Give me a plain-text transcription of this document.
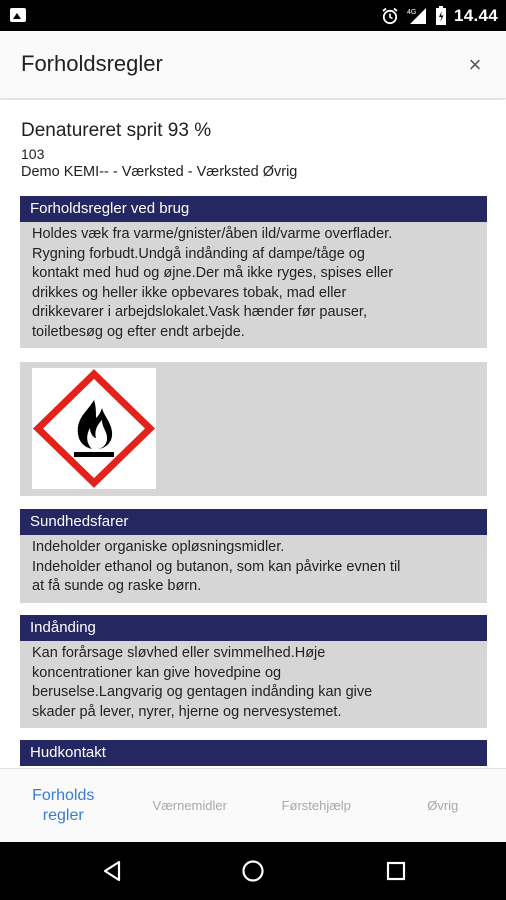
4G 14.44
Forholdsregler	×
Denatureret sprit 93 %
103
Demo KEMI-- - Værksted - Værksted Øvrig
Forholdsregler ved brug
Holdes væk fra varme/gnister/åben ild/varme overflader.
Rygning forbudt.Undgå indånding af dampe/tåge og
kontakt med hud og øjne.Der må ikke ryges, spises eller
drikkes og heller ikke opbevares tobak, mad eller
drikkevarer i arbejdslokalet.Vask hænder før pauser,
toiletbesøg og efter endt arbejde.
Sundhedsfarer
Indeholder organiske opløsningsmidler.
Indeholder ethanol og butanon, som kan påvirke evnen til
at få sunde og raske børn.
Indånding
Kan forårsage sløvhed eller svimmelhed.Høje
koncentrationer kan give hovedpine og
beruselse.Langvarig og gentagen indånding kan give
skader på lever, nyrer, hjerne og nervesystemet.
Hudkontakt
Forholds
regler
Værnemidler	Førstehjælp	Øvrig
